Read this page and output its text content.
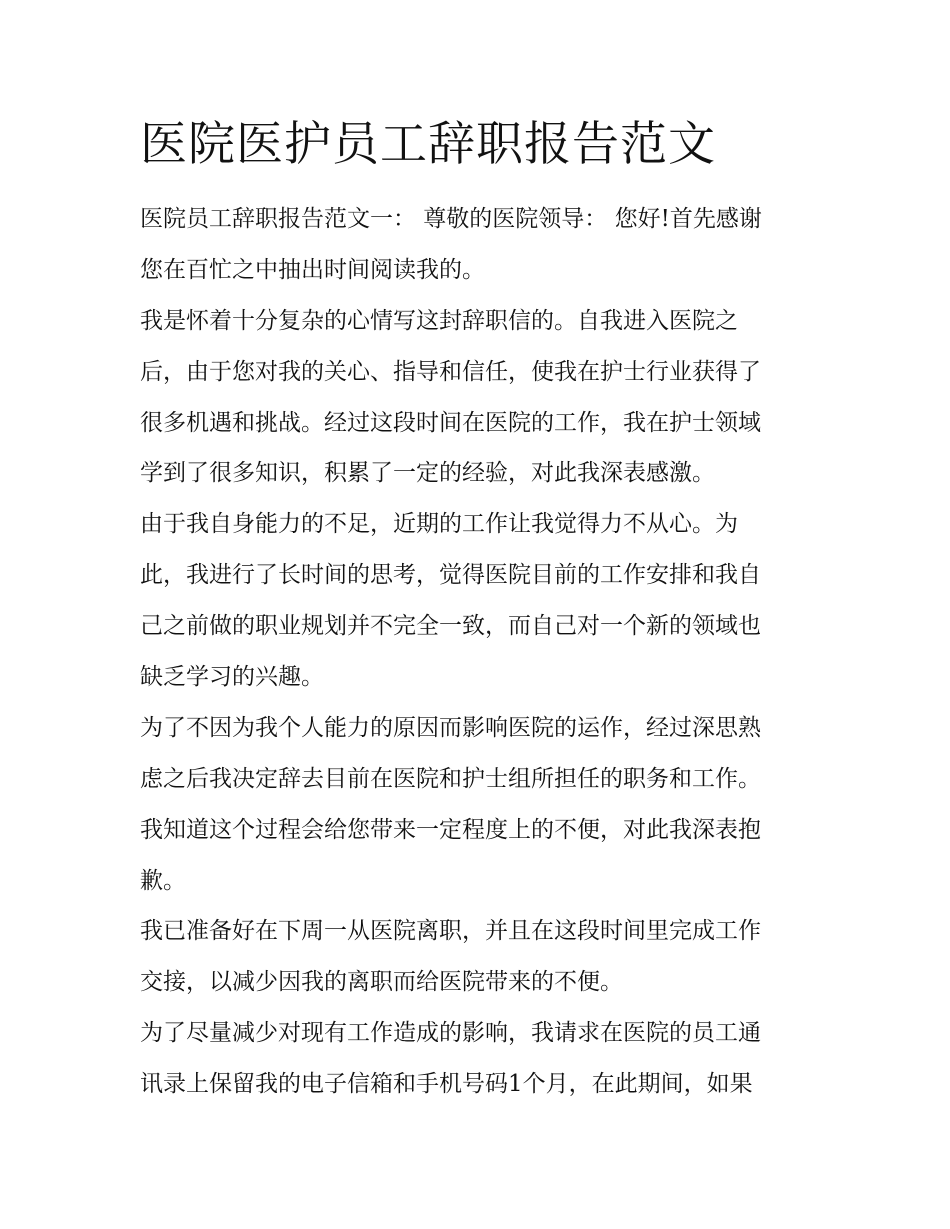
医院医护员工辞职报告范文
医院员工辞职报告范文一： 尊敬的医院领导： 您好!首先感谢
您在百忙之中抽出时间阅读我的。
我是怀着十分复杂的心情写这封辞职信的。自我进入医院之
后，由于您对我的关心、指导和信任，使我在护士行业获得了
很多机遇和挑战。经过这段时间在医院的工作，我在护士领域
学到了很多知识，积累了一定的经验，对此我深表感激。
由于我自身能力的不足，近期的工作让我觉得力不从心。为
此，我进行了长时间的思考，觉得医院目前的工作安排和我自
己之前做的职业规划并不完全一致，而自己对一个新的领域也
缺乏学习的兴趣。
为了不因为我个人能力的原因而影响医院的运作，经过深思熟
虑之后我决定辞去目前在医院和护士组所担任的职务和工作。
我知道这个过程会给您带来一定程度上的不便，对此我深表抱
歉。
我已准备好在下周一从医院离职，并且在这段时间里完成工作
交接，以减少因我的离职而给医院带来的不便。
为了尽量减少对现有工作造成的影响，我请求在医院的员工通
讯录上保留我的电子信箱和手机号码1个月，在此期间，如果
